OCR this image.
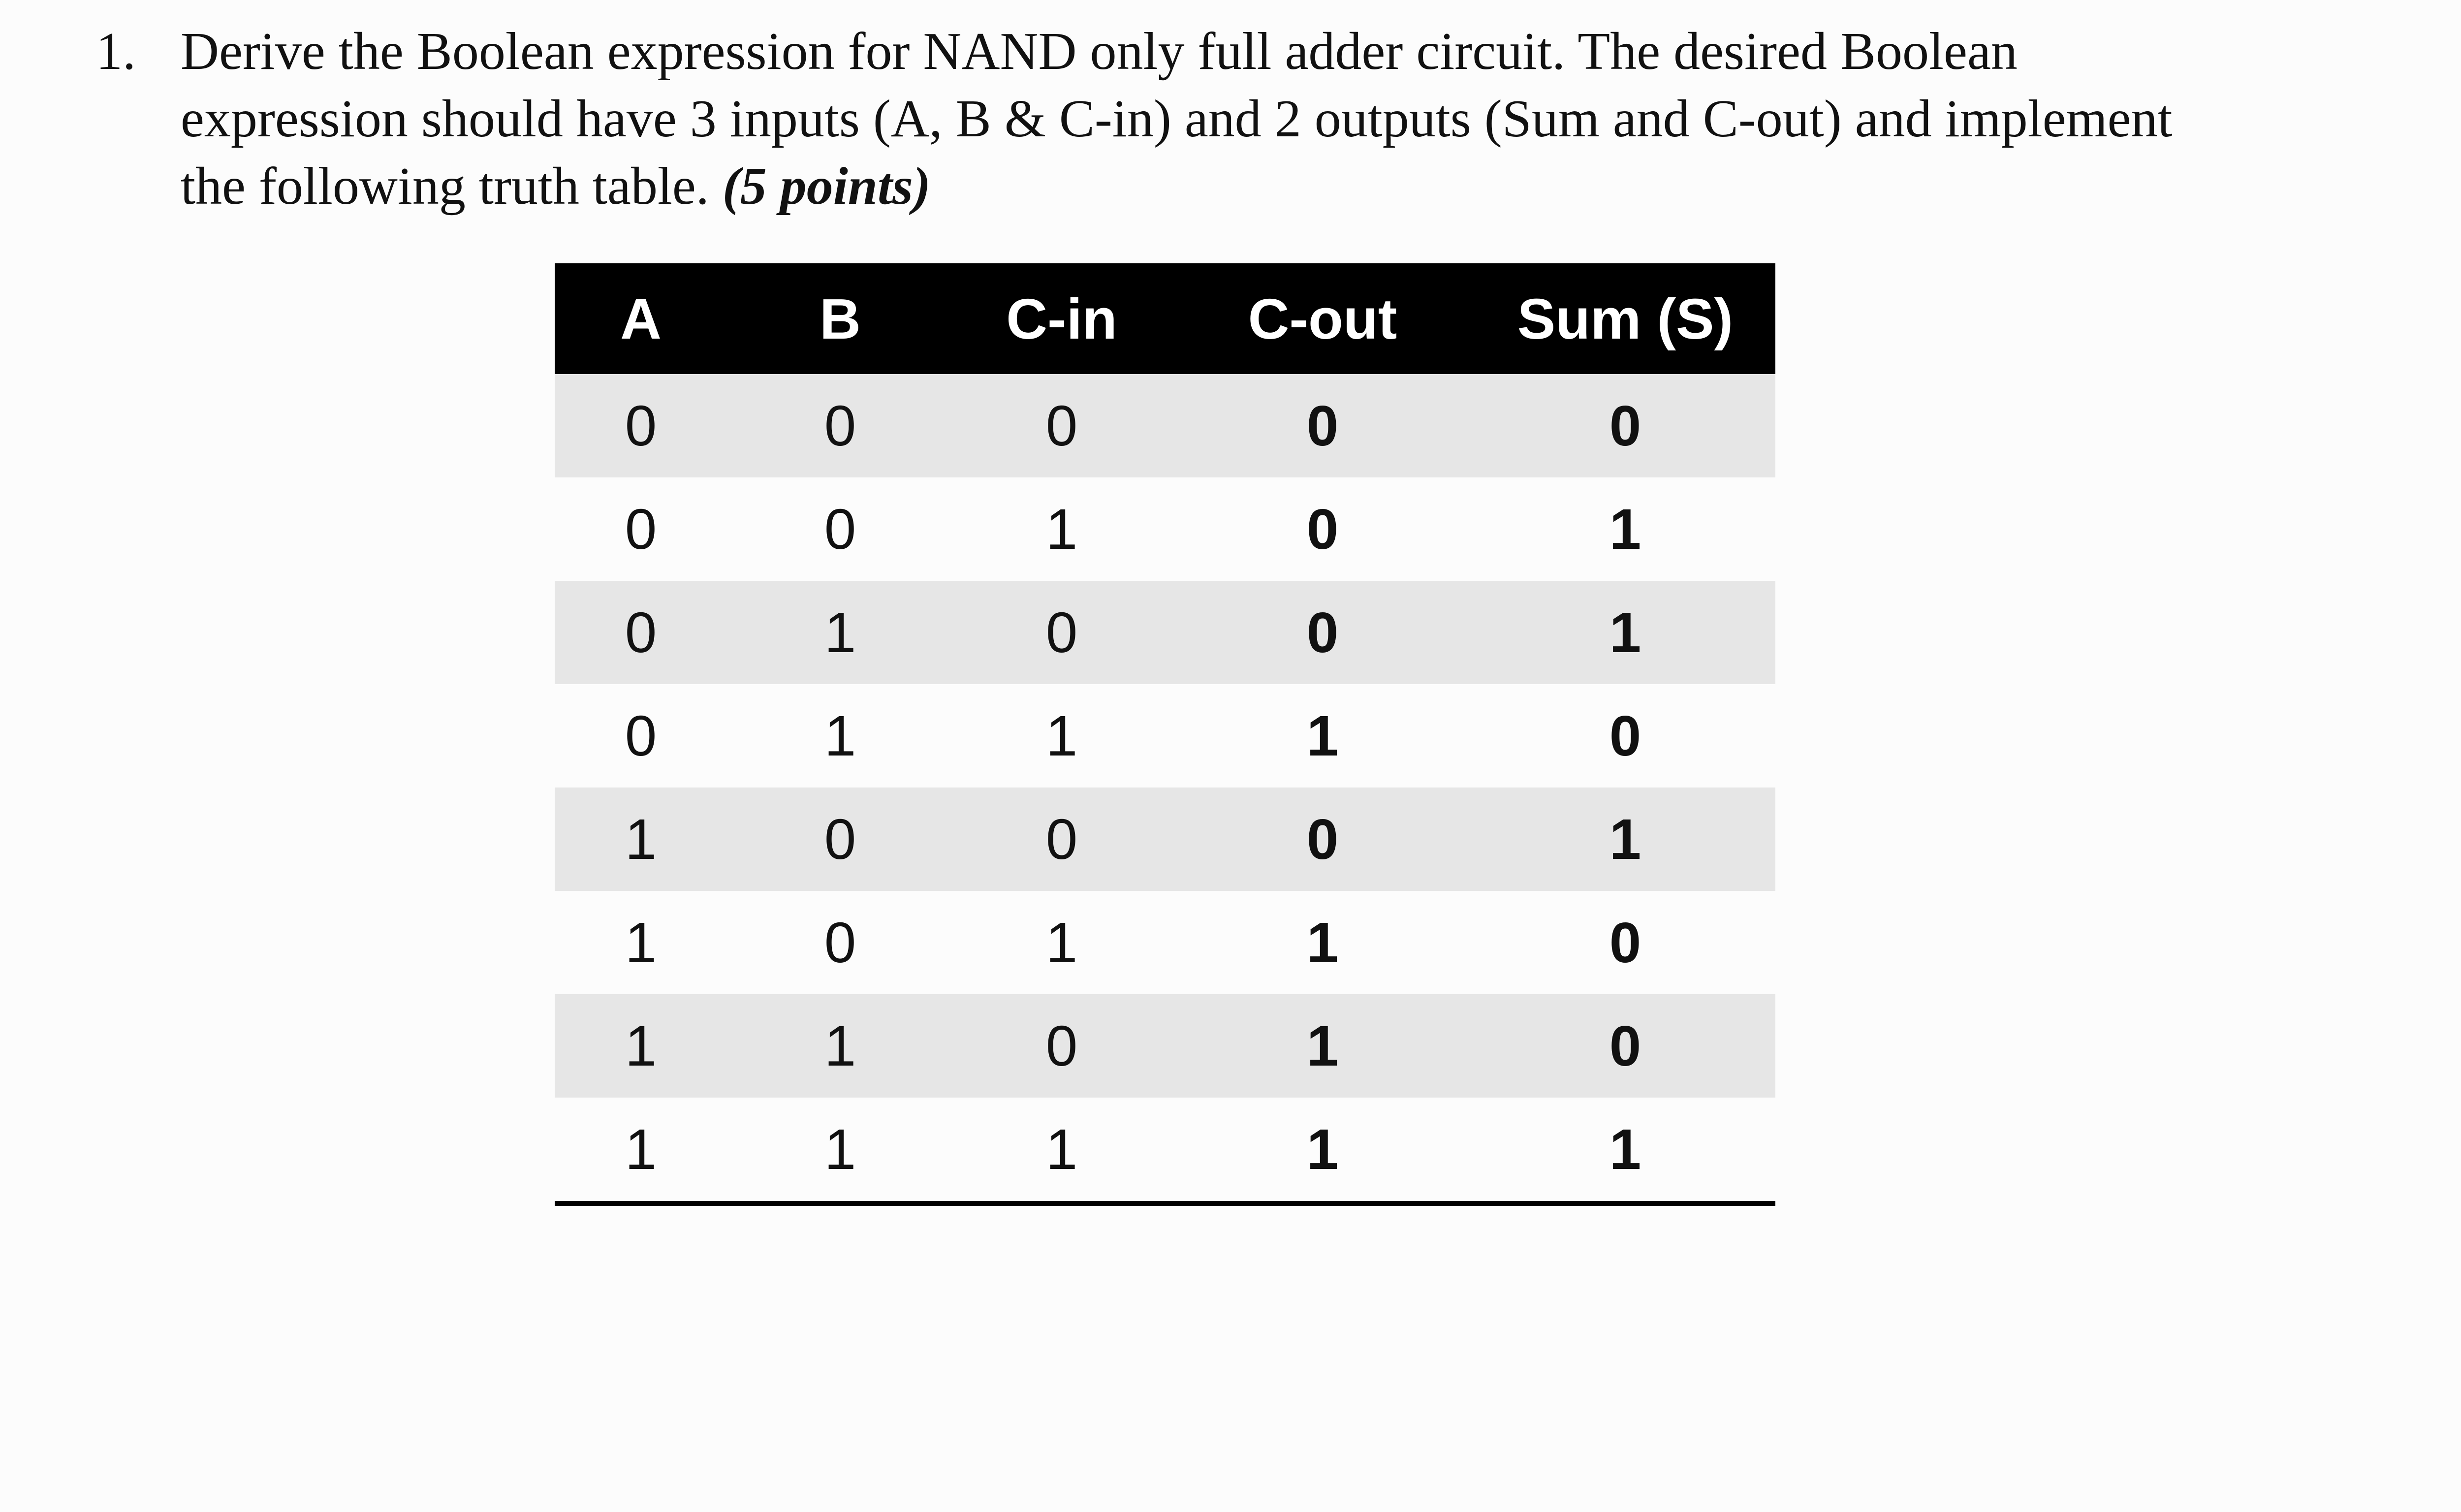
1. Derive the Boolean expression for NAND only full adder circuit. The desired Boolean
expression should have 3 inputs (A, B & C-in) and 2 outputs (Sum and C-out) and implement
the following truth table. (5 points)
A	B	C-in	C-out	Sum (S)
0	0	0	0	0
0	0	1	0	1
0	1	0	0	1
0	1	1	1	0
1	0	0	0	1
1	0	1	1	0
1	1	0	1	0
1	1	1	1	1
